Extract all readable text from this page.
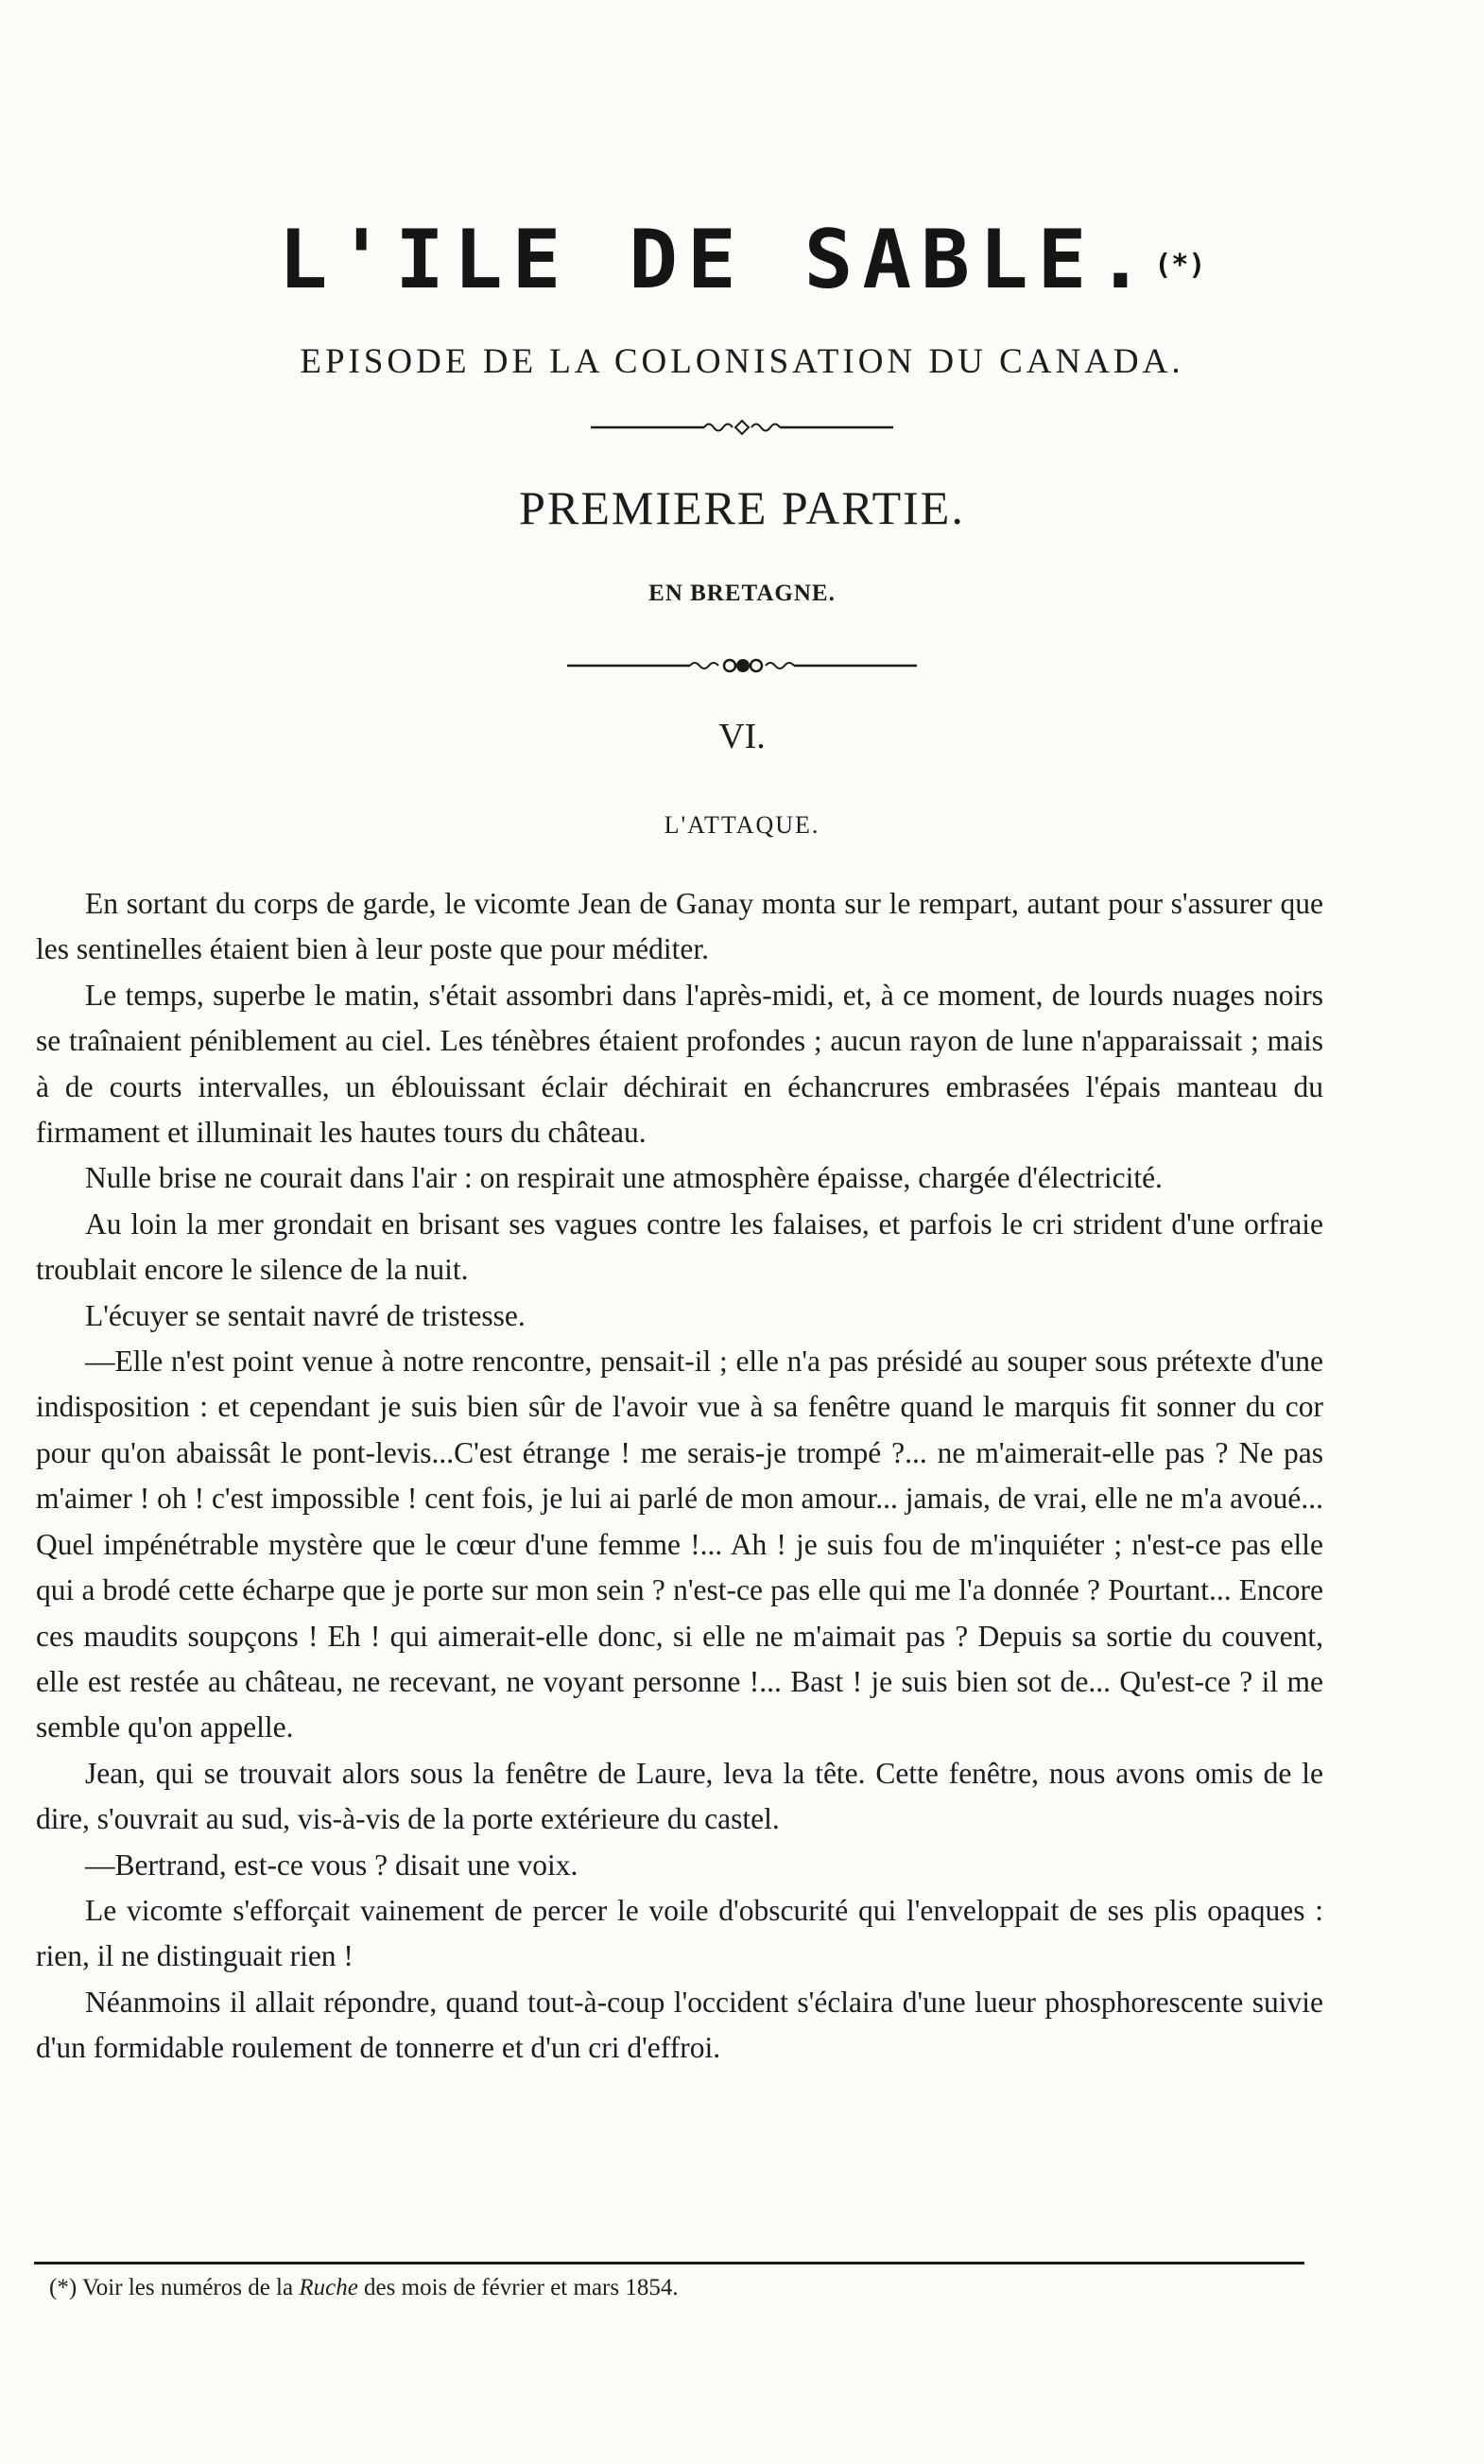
L'ILE DE SABLE.(*)
EPISODE DE LA COLONISATION DU CANADA.
PREMIERE PARTIE.
EN BRETAGNE.
VI.
L'ATTAQUE.

En sortant du corps de garde, le vicomte Jean de Ganay monta sur le rempart, autant pour s'assurer que les sentinelles étaient bien à leur poste que pour méditer.

Le temps, superbe le matin, s'était assombri dans l'après-midi, et, à ce moment, de lourds nuages noirs se traînaient péniblement au ciel. Les ténèbres étaient profondes ; aucun rayon de lune n'apparaissait ; mais à de courts intervalles, un éblouissant éclair déchirait en échancrures embrasées l'épais manteau du firmament et illuminait les hautes tours du château.

Nulle brise ne courait dans l'air : on respirait une atmosphère épaisse, chargée d'électricité.

Au loin la mer grondait en brisant ses vagues contre les falaises, et parfois le cri strident d'une orfraie troublait encore le silence de la nuit.

L'écuyer se sentait navré de tristesse.

—Elle n'est point venue à notre rencontre, pensait-il ; elle n'a pas présidé au souper sous prétexte d'une indisposition : et cependant je suis bien sûr de l'avoir vue à sa fenêtre quand le marquis fit sonner du cor pour qu'on abaissât le pont-levis...C'est étrange ! me serais-je trompé ?... ne m'aimerait-elle pas ? Ne pas m'aimer ! oh ! c'est impossible ! cent fois, je lui ai parlé de mon amour... jamais, de vrai, elle ne m'a avoué... Quel impénétrable mystère que le cœur d'une femme !... Ah ! je suis fou de m'inquiéter ; n'est-ce pas elle qui a brodé cette écharpe que je porte sur mon sein ? n'est-ce pas elle qui me l'a donnée ? Pourtant... Encore ces maudits soupçons ! Eh ! qui aimerait-elle donc, si elle ne m'aimait pas ? Depuis sa sortie du couvent, elle est restée au château, ne recevant, ne voyant personne !... Bast ! je suis bien sot de... Qu'est-ce ? il me semble qu'on appelle.

Jean, qui se trouvait alors sous la fenêtre de Laure, leva la tête. Cette fenêtre, nous avons omis de le dire, s'ouvrait au sud, vis-à-vis de la porte extérieure du castel.

—Bertrand, est-ce vous ? disait une voix.

Le vicomte s'efforçait vainement de percer le voile d'obscurité qui l'enveloppait de ses plis opaques : rien, il ne distinguait rien !

Néanmoins il allait répondre, quand tout-à-coup l'occident s'éclaira d'une lueur phosphorescente suivie d'un formidable roulement de tonnerre et d'un cri d'effroi.

(*) Voir les numéros de la Ruche des mois de février et mars 1854.
